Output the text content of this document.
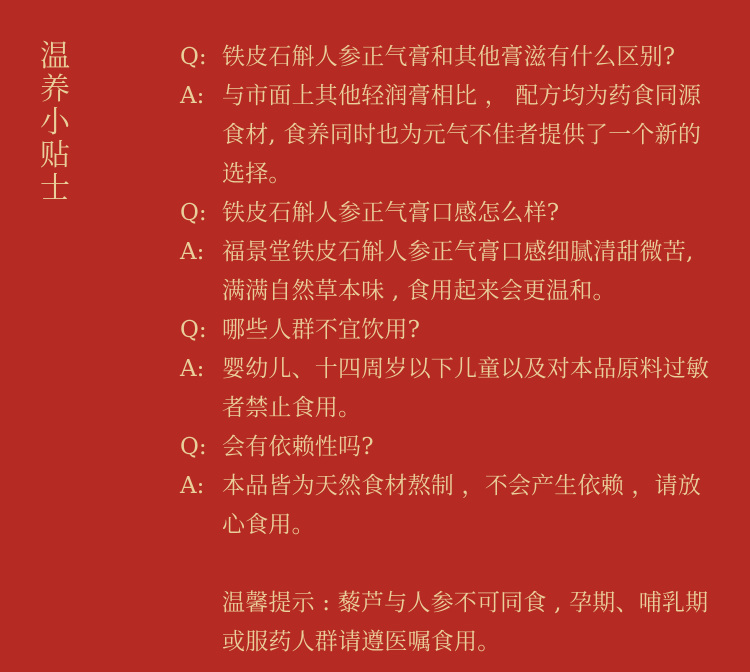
温
养
小
贴
士
Q: 铁皮石斛人参正气膏和其他膏滋有什么区别?
A: 与市面上其他轻润膏相比 ， 配方均为药食同源食材, 食养同时也为元气不佳者提供了一个新的选择。
Q: 铁皮石斛人参正气膏口感怎么样?
A: 福景堂铁皮石斛人参正气膏口感细腻清甜微苦, 满满自然草本味 , 食用起来会更温和。
Q: 哪些人群不宜饮用?
A: 婴幼儿、十四周岁以下儿童以及对本品原料过敏者禁止食用。
Q: 会有依赖性吗?
A: 本品皆为天然食材熬制 ，不会产生依赖 ，请放心食用。
温馨提示 : 藜芦与人参不可同食 , 孕期、哺乳期或服药人群请遵医嘱食用。
